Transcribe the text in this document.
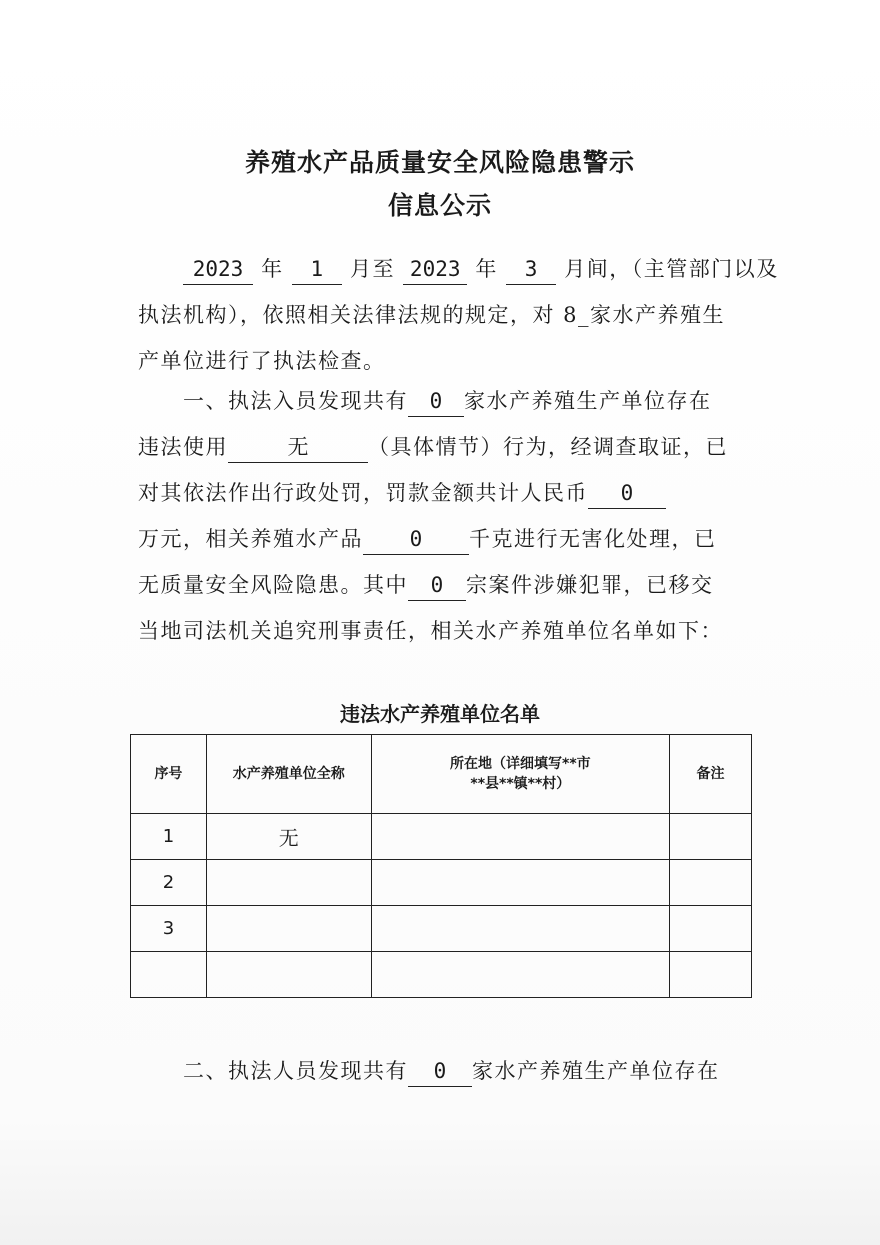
养殖水产品质量安全风险隐患警示
信息公示
　　2023 年 1 月至 2023 年 3 月间，（主管部门以及
执法机构），依照相关法律法规的规定，对 8_家水产养殖生
产单位进行了执法检查。
　　一、执法入员发现共有 0 家水产养殖生产单位存在
违法使用	无	（具体情节）行为，经调查取证，已
对其依法作出行政处罚，罚款金额共计人民币 0
万元，相关养殖水产品 0 千克进行无害化处理，已
无质量安全风险隐患。其中 0 宗案件涉嫌犯罪，已移交
当地司法机关追究刑事责任，相关水产养殖单位名单如下：
违法水产养殖单位名单
序号	水产养殖单位全称	所在地（详细填写**市
**县**镇**村）	备注
1	无		
2			
3			

　　二、执法人员发现共有 0 家水产养殖生产单位存在
